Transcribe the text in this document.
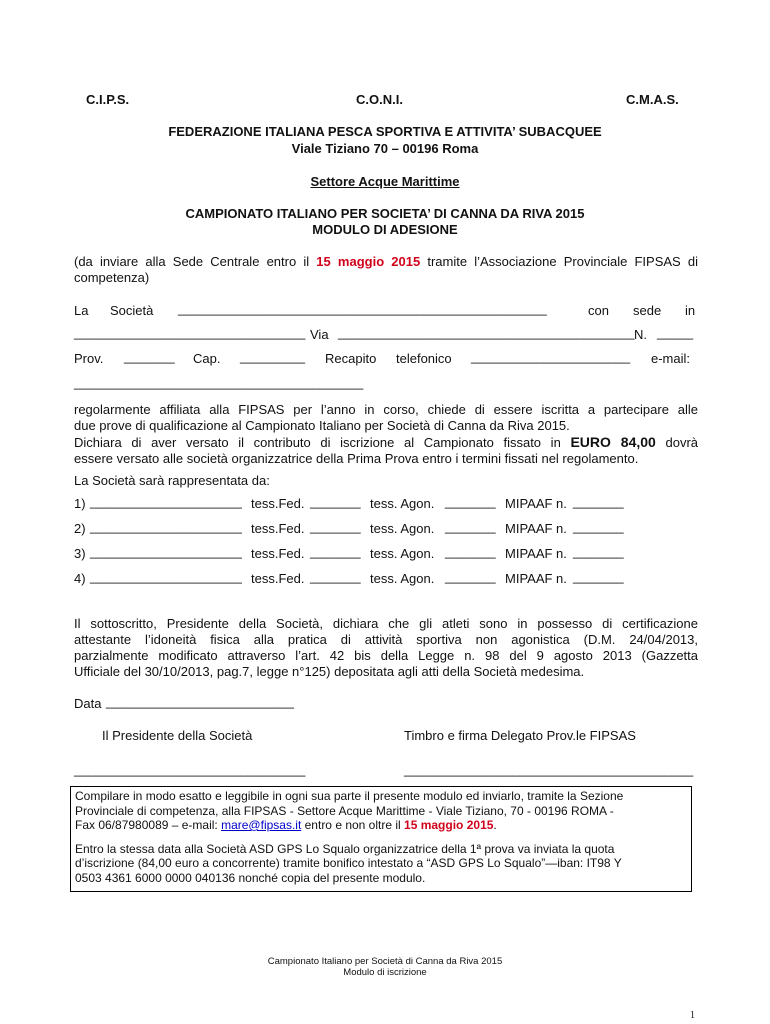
C.I.P.S.	C.O.N.I.	C.M.A.S.
FEDERAZIONE ITALIANA PESCA SPORTIVA E ATTIVITA’ SUBACQUEE
Viale Tiziano 70 – 00196 Roma
Settore Acque Marittime
CAMPIONATO ITALIANO PER SOCIETA’ DI CANNA DA RIVA 2015
MODULO DI ADESIONE
(da inviare alla Sede Centrale entro il 15 maggio 2015 tramite l’Associazione Provinciale FIPSAS di
competenza)
La Società ___________________________________________________	con sede in
________________________________ Via _________________________________________ N. _____
Prov. _______ Cap. _________ Recapito telefonico ______________________ e-mail:
________________________________________
regolarmente affiliata alla FIPSAS per l’anno in corso, chiede di essere iscritta a partecipare alle
due prove di qualificazione al Campionato Italiano per Società di Canna da Riva 2015.
Dichiara di aver versato il contributo di iscrizione al Campionato fissato in EURO 84,00 dovrà
essere versato alle società organizzatrice della Prima Prova entro i termini fissati nel regolamento.
La Società sarà rappresentata da:
1) _____________________ tess.Fed. _______ tess. Agon. _______ MIPAAF n. _______
2) _____________________ tess.Fed. _______ tess. Agon. _______ MIPAAF n. _______
3) _____________________ tess.Fed. _______ tess. Agon. _______ MIPAAF n. _______
4) _____________________ tess.Fed. _______ tess. Agon. _______ MIPAAF n. _______
Il sottoscritto, Presidente della Società, dichiara che gli atleti sono in possesso di certificazione
attestante l’idoneità fisica alla pratica di attività sportiva non agonistica (D.M. 24/04/2013,
parzialmente modificato attraverso l’art. 42 bis della Legge n. 98 del 9 agosto 2013 (Gazzetta
Ufficiale del 30/10/2013, pag.7, legge n°125) depositata agli atti della Società medesima.
Data __________________________
Il Presidente della Società	Timbro e firma Delegato Prov.le FIPSAS
________________________________	________________________________________
Compilare in modo esatto e leggibile in ogni sua parte il presente modulo ed inviarlo, tramite la Sezione
Provinciale di competenza, alla FIPSAS - Settore Acque Marittime - Viale Tiziano, 70 - 00196 ROMA -
Fax 06/87980089 – e-mail: mare@fipsas.it entro e non oltre il 15 maggio 2015.
Entro la stessa data alla Società ASD GPS Lo Squalo organizzatrice della 1ª prova va inviata la quota
d’iscrizione (84,00 euro a concorrente) tramite bonifico intestato a “ASD GPS Lo Squalo”—iban: IT98 Y
0503 4361 6000 0000 040136 nonché copia del presente modulo.
Campionato Italiano per Società di Canna da Riva 2015
Modulo di iscrizione
1
